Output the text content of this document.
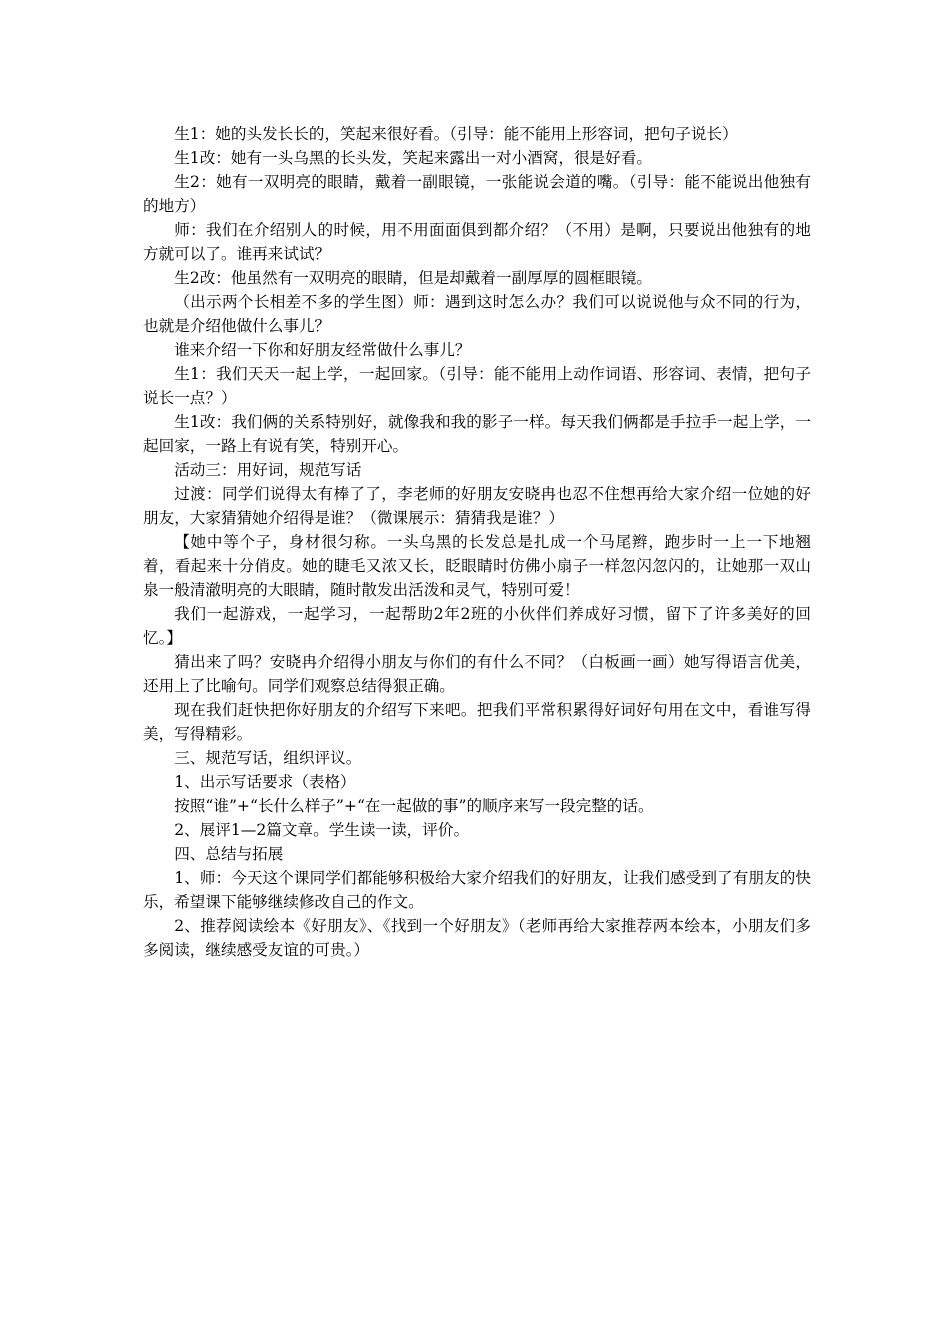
生1：她的头发长长的，笑起来很好看。（引导：能不能用上形容词，把句子说长）

生1改：她有一头乌黑的长头发，笑起来露出一对小酒窝，很是好看。

生2：她有一双明亮的眼睛，戴着一副眼镜，一张能说会道的嘴。（引导：能不能说出他独有的地方）

师：我们在介绍别人的时候，用不用面面俱到都介绍？（不用）是啊，只要说出他独有的地方就可以了。谁再来试试？

生2改：他虽然有一双明亮的眼睛，但是却戴着一副厚厚的圆框眼镜。

（出示两个长相差不多的学生图）师：遇到这时怎么办？我们可以说说他与众不同的行为，也就是介绍他做什么事儿？

谁来介绍一下你和好朋友经常做什么事儿？

生1：我们天天一起上学，一起回家。（引导：能不能用上动作词语、形容词、表情，把句子说长一点？）

生1改：我们俩的关系特别好，就像我和我的影子一样。每天我们俩都是手拉手一起上学，一起回家，一路上有说有笑，特别开心。

活动三：用好词，规范写话

过渡：同学们说得太有棒了了，李老师的好朋友安晓冉也忍不住想再给大家介绍一位她的好朋友，大家猜猜她介绍得是谁？（微课展示：猜猜我是谁？）

【她中等个子，身材很匀称。一头乌黑的长发总是扎成一个马尾辫，跑步时一上一下地翘着，看起来十分俏皮。她的睫毛又浓又长，眨眼睛时仿佛小扇子一样忽闪忽闪的，让她那一双山泉一般清澈明亮的大眼睛，随时散发出活泼和灵气，特别可爱！

我们一起游戏，一起学习，一起帮助2年2班的小伙伴们养成好习惯，留下了许多美好的回忆。】

猜出来了吗？安晓冉介绍得小朋友与你们的有什么不同？（白板画一画）她写得语言优美，还用上了比喻句。同学们观察总结得狠正确。

现在我们赶快把你好朋友的介绍写下来吧。把我们平常积累得好词好句用在文中，看谁写得美，写得精彩。

三、规范写话，组织评议。

1、出示写话要求（表格）

按照“谁”+“长什么样子”+“在一起做的事”的顺序来写一段完整的话。

2、展评1—2篇文章。学生读一读，评价。

四、总结与拓展

1、师：今天这个课同学们都能够积极给大家介绍我们的好朋友，让我们感受到了有朋友的快乐，希望课下能够继续修改自己的作文。

2、推荐阅读绘本《好朋友》、《找到一个好朋友》（老师再给大家推荐两本绘本，小朋友们多多阅读，继续感受友谊的可贵。）
